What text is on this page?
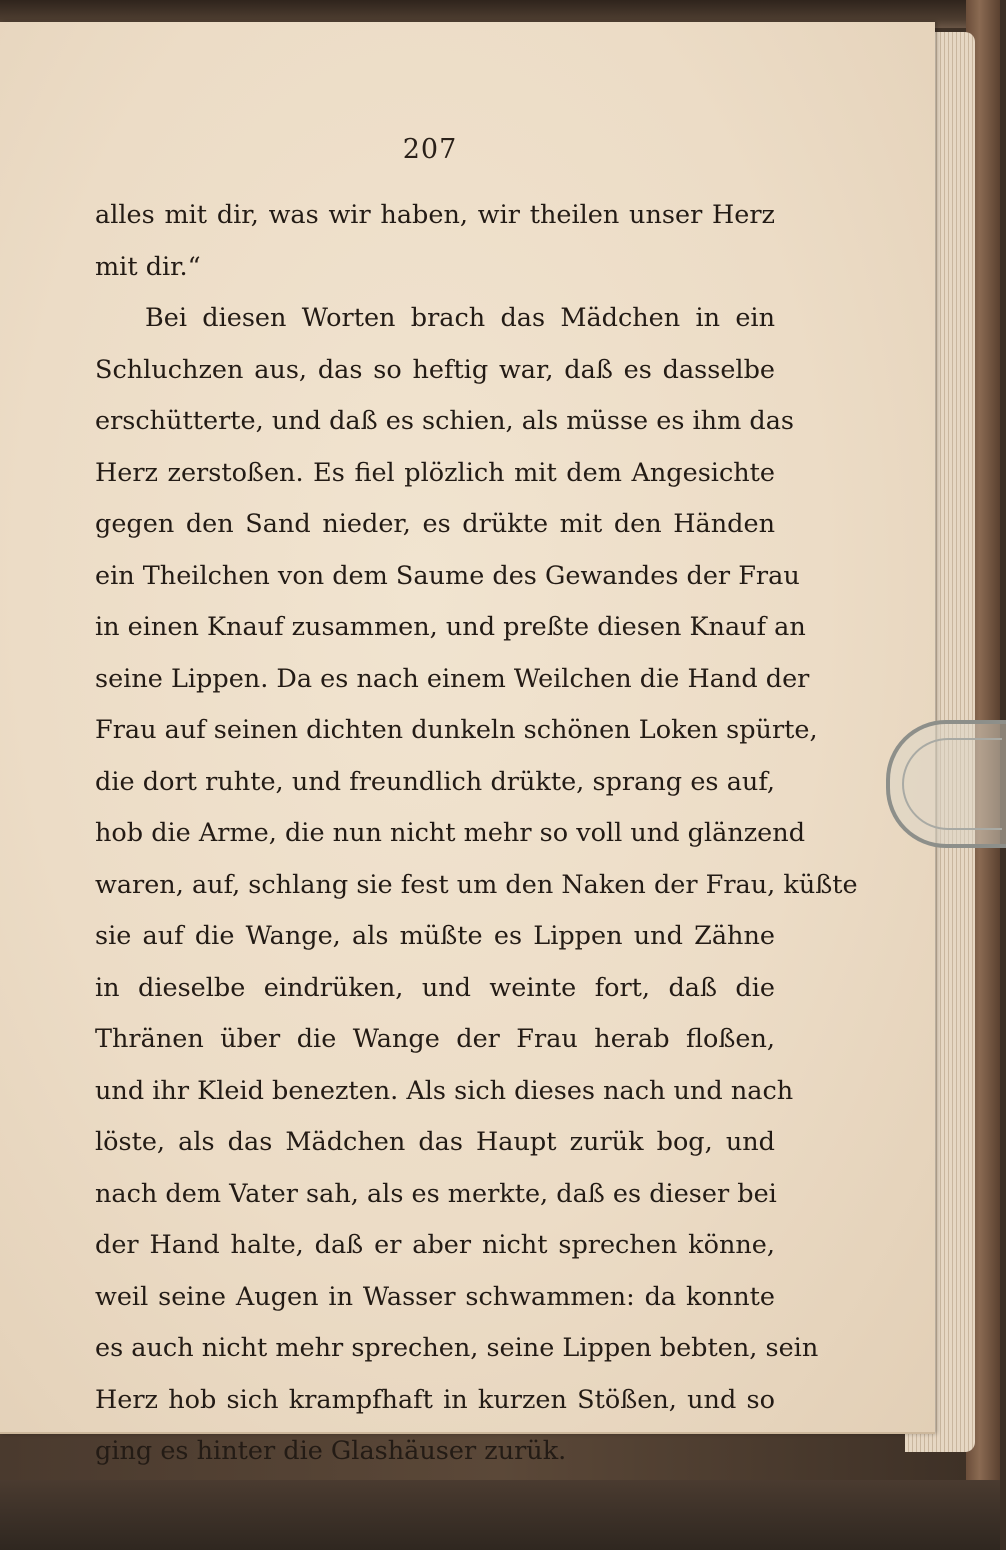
207
alles mit dir, was wir haben, wir theilen unser Herz
mit dir.“
Bei diesen Worten brach das Mädchen in ein
Schluchzen aus, das so heftig war, daß es dasselbe
erschütterte, und daß es schien, als müsse es ihm das
Herz zerstoßen. Es fiel plözlich mit dem Angesichte
gegen den Sand nieder, es drükte mit den Händen
ein Theilchen von dem Saume des Gewandes der Frau
in einen Knauf zusammen, und preßte diesen Knauf an
seine Lippen. Da es nach einem Weilchen die Hand der
Frau auf seinen dichten dunkeln schönen Loken spürte,
die dort ruhte, und freundlich drükte, sprang es auf,
hob die Arme, die nun nicht mehr so voll und glänzend
waren, auf, schlang sie fest um den Naken der Frau, küßte
sie auf die Wange, als müßte es Lippen und Zähne
in dieselbe eindrüken, und weinte fort, daß die
Thränen über die Wange der Frau herab floßen,
und ihr Kleid benezten. Als sich dieses nach und nach
löste, als das Mädchen das Haupt zurük bog, und
nach dem Vater sah, als es merkte, daß es dieser bei
der Hand halte, daß er aber nicht sprechen könne,
weil seine Augen in Wasser schwammen: da konnte
es auch nicht mehr sprechen, seine Lippen bebten, sein
Herz hob sich krampfhaft in kurzen Stößen, und so
ging es hinter die Glashäuser zurük.
